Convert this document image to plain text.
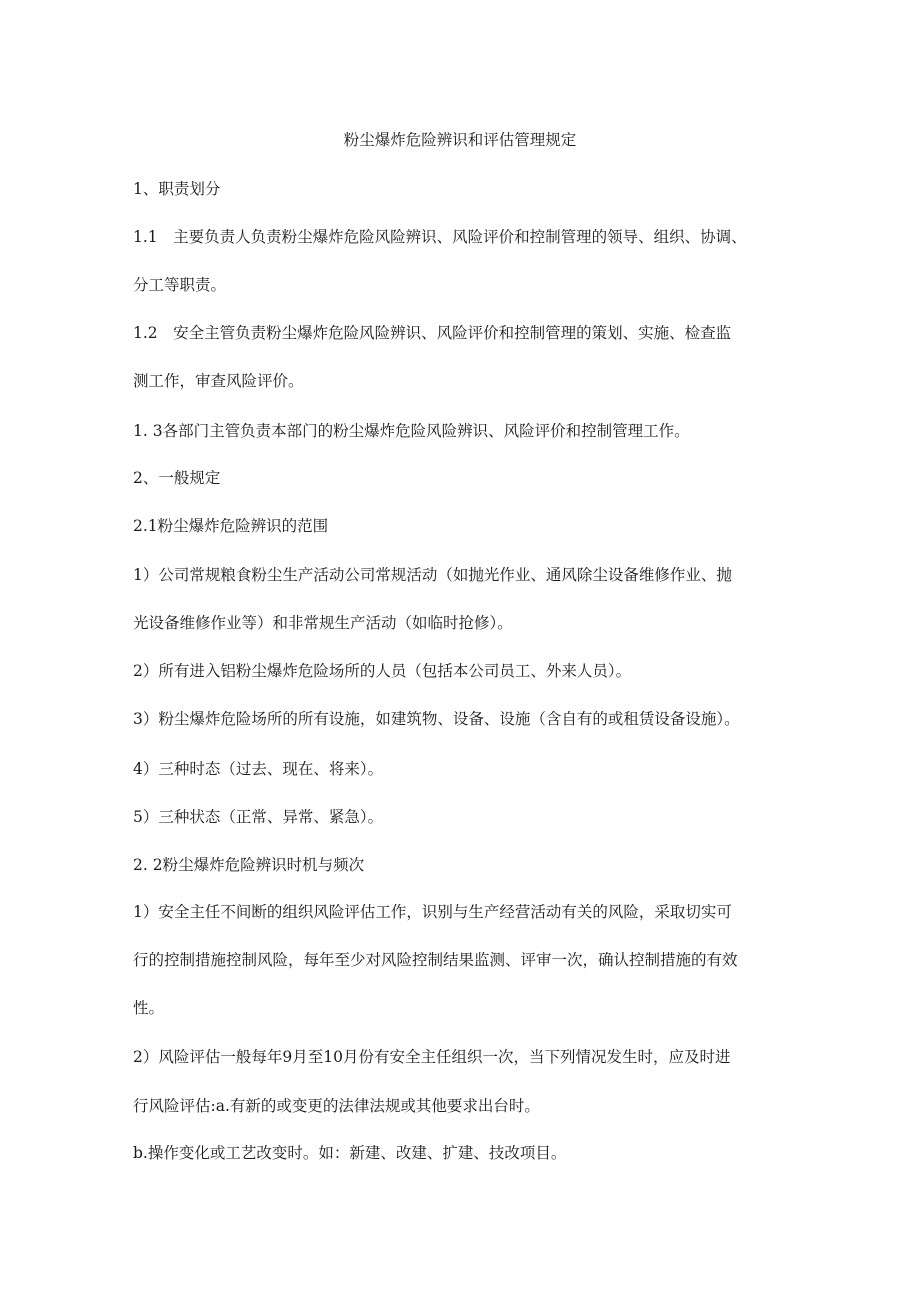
粉尘爆炸危险辨识和评估管理规定
1、职责划分
1.1　主要负责人负责粉尘爆炸危险风险辨识、风险评价和控制管理的领导、组织、协调、
分工等职责。
1.2　安全主管负责粉尘爆炸危险风险辨识、风险评价和控制管理的策划、实施、检查监
测工作，审查风险评价。
1. 3各部门主管负责本部门的粉尘爆炸危险风险辨识、风险评价和控制管理工作。
2、一般规定
2.1粉尘爆炸危险辨识的范围
1）公司常规粮食粉尘生产活动公司常规活动（如抛光作业、通风除尘设备维修作业、抛
光设备维修作业等）和非常规生产活动（如临时抢修）。
2）所有进入铝粉尘爆炸危险场所的人员（包括本公司员工、外来人员）。
3）粉尘爆炸危险场所的所有设施，如建筑物、设备、设施（含自有的或租赁设备设施）。
4）三种时态（过去、现在、将来）。
5）三种状态（正常、异常、紧急）。
2. 2粉尘爆炸危险辨识时机与频次
1）安全主任不间断的组织风险评估工作，识别与生产经营活动有关的风险，采取切实可
行的控制措施控制风险，每年至少对风险控制结果监测、评审一次，确认控制措施的有效
性。
2）风险评估一般每年9月至10月份有安全主任组织一次，当下列情况发生时，应及时进
行风险评估:a.有新的或变更的法律法规或其他要求出台时。
b.操作变化或工艺改变时。如：新建、改建、扩建、技改项目。
